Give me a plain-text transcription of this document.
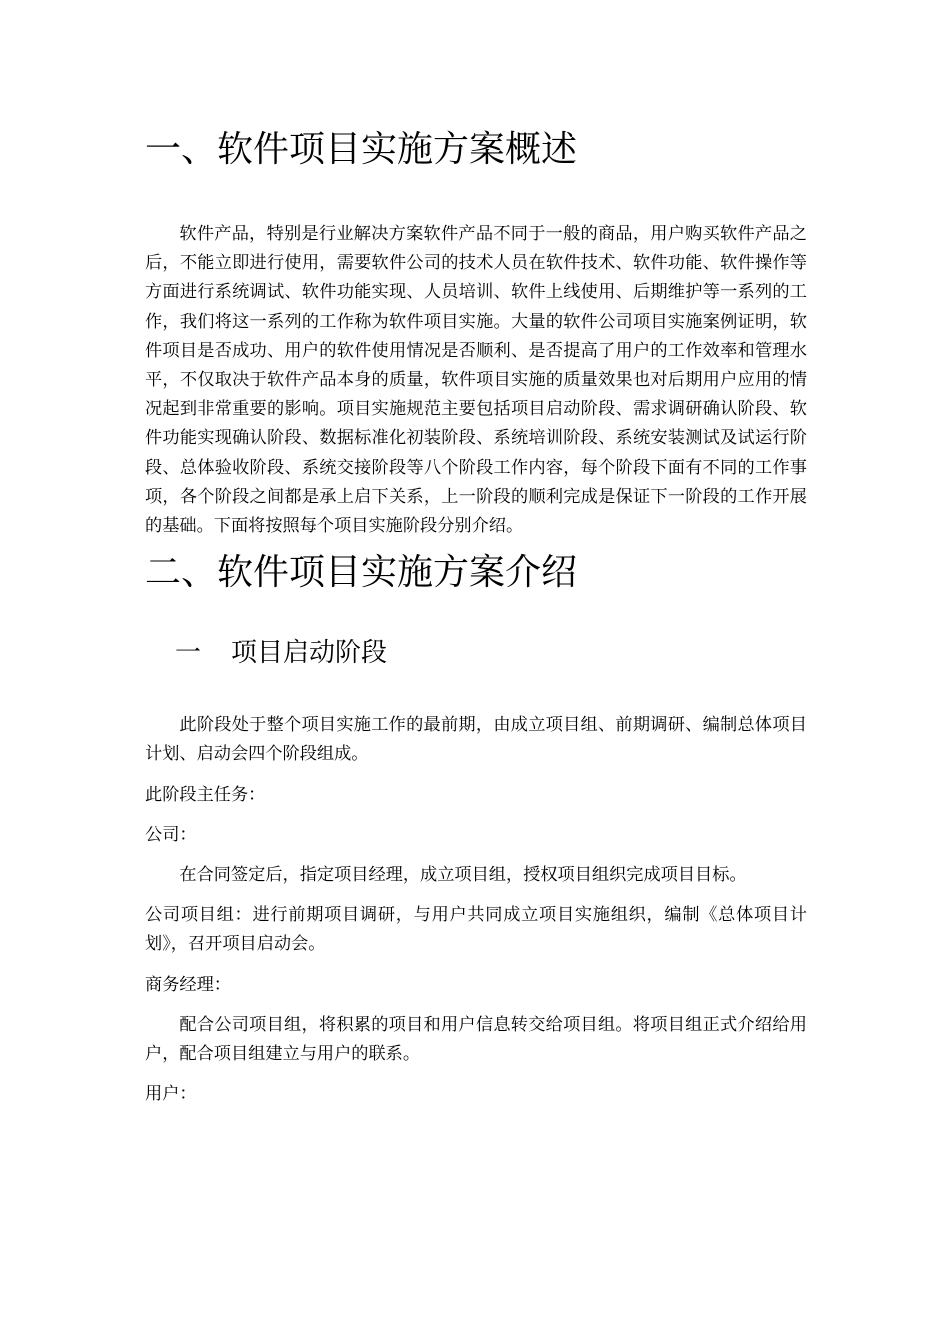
一、软件项目实施方案概述

软件产品，特别是行业解决方案软件产品不同于一般的商品，用户购买软件产品之后，不能立即进行使用，需要软件公司的技术人员在软件技术、软件功能、软件操作等方面进行系统调试、软件功能实现、人员培训、软件上线使用、后期维护等一系列的工作，我们将这一系列的工作称为软件项目实施。大量的软件公司项目实施案例证明，软件项目是否成功、用户的软件使用情况是否顺利、是否提高了用户的工作效率和管理水平，不仅取决于软件产品本身的质量，软件项目实施的质量效果也对后期用户应用的情况起到非常重要的影响。项目实施规范主要包括项目启动阶段、需求调研确认阶段、软件功能实现确认阶段、数据标准化初装阶段、系统培训阶段、系统安装测试及试运行阶段、总体验收阶段、系统交接阶段等八个阶段工作内容，每个阶段下面有不同的工作事项，各个阶段之间都是承上启下关系，上一阶段的顺利完成是保证下一阶段的工作开展的基础。下面将按照每个项目实施阶段分别介绍。

二、软件项目实施方案介绍
一 项目启动阶段

此阶段处于整个项目实施工作的最前期，由成立项目组、前期调研、编制总体项目计划、启动会四个阶段组成。

此阶段主任务：

公司：

在合同签定后，指定项目经理，成立项目组，授权项目组织完成项目目标。

公司项目组：进行前期项目调研，与用户共同成立项目实施组织，编制《总体项目计划》，召开项目启动会。

商务经理：

配合公司项目组，将积累的项目和用户信息转交给项目组。将项目组正式介绍给用户，配合项目组建立与用户的联系。

用户：
